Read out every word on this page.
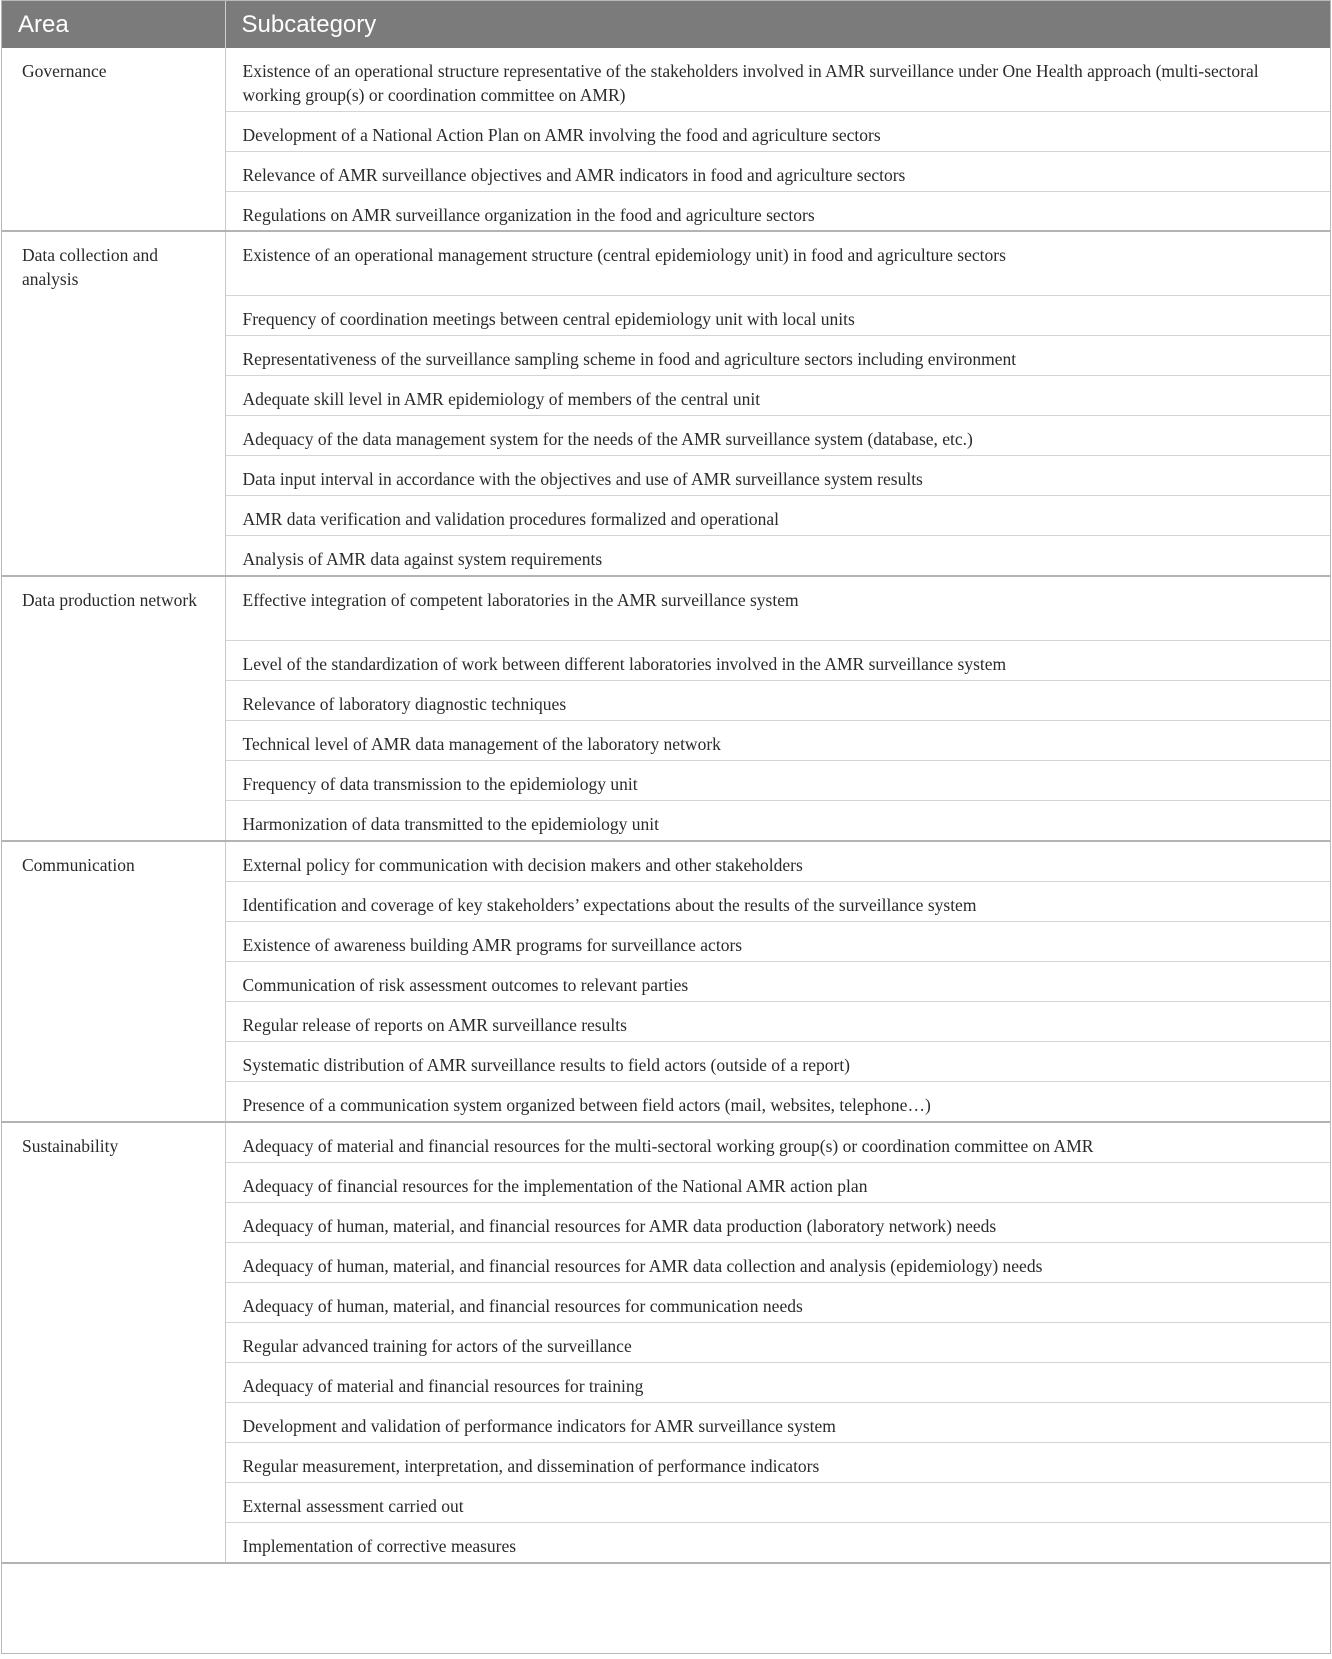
Area	Subcategory
Governance	Existence of an operational structure representative of the stakeholders involved in AMR surveillance under One Health approach (multi-sectoral working group(s) or coordination committee on AMR)
	Development of a National Action Plan on AMR involving the food and agriculture sectors
	Relevance of AMR surveillance objectives and AMR indicators in food and agriculture sectors
	Regulations on AMR surveillance organization in the food and agriculture sectors
Data collection and analysis	Existence of an operational management structure (central epidemiology unit) in food and agriculture sectors
	Frequency of coordination meetings between central epidemiology unit with local units
	Representativeness of the surveillance sampling scheme in food and agriculture sectors including environment
	Adequate skill level in AMR epidemiology of members of the central unit
	Adequacy of the data management system for the needs of the AMR surveillance system (database, etc.)
	Data input interval in accordance with the objectives and use of AMR surveillance system results
	AMR data verification and validation procedures formalized and operational
	Analysis of AMR data against system requirements
Data production network	Effective integration of competent laboratories in the AMR surveillance system
	Level of the standardization of work between different laboratories involved in the AMR surveillance system
	Relevance of laboratory diagnostic techniques
	Technical level of AMR data management of the laboratory network
	Frequency of data transmission to the epidemiology unit
	Harmonization of data transmitted to the epidemiology unit
Communication	External policy for communication with decision makers and other stakeholders
	Identification and coverage of key stakeholders’ expectations about the results of the surveillance system
	Existence of awareness building AMR programs for surveillance actors
	Communication of risk assessment outcomes to relevant parties
	Regular release of reports on AMR surveillance results
	Systematic distribution of AMR surveillance results to field actors (outside of a report)
	Presence of a communication system organized between field actors (mail, websites, telephone…)
Sustainability	Adequacy of material and financial resources for the multi-sectoral working group(s) or coordination committee on AMR
	Adequacy of financial resources for the implementation of the National AMR action plan
	Adequacy of human, material, and financial resources for AMR data production (laboratory network) needs
	Adequacy of human, material, and financial resources for AMR data collection and analysis (epidemiology) needs
	Adequacy of human, material, and financial resources for communication needs
	Regular advanced training for actors of the surveillance
	Adequacy of material and financial resources for training
	Development and validation of performance indicators for AMR surveillance system
	Regular measurement, interpretation, and dissemination of performance indicators
	External assessment carried out
	Implementation of corrective measures
